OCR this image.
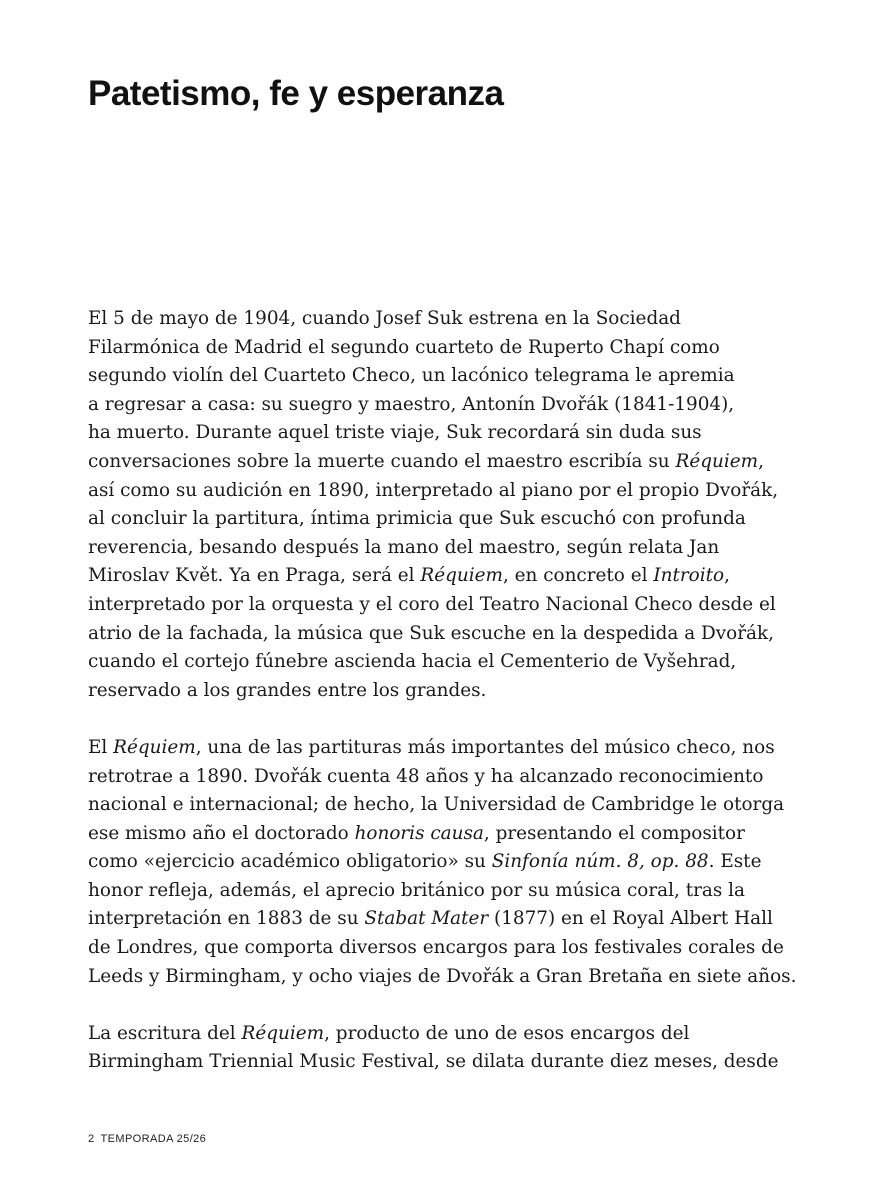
Patetismo, fe y esperanza

El 5 de mayo de 1904, cuando Josef Suk estrena en la Sociedad
Filarmónica de Madrid el segundo cuarteto de Ruperto Chapí como
segundo violín del Cuarteto Checo, un lacónico telegrama le apremia
a regresar a casa: su suegro y maestro, Antonín Dvořák (1841-1904),
ha muerto. Durante aquel triste viaje, Suk recordará sin duda sus
conversaciones sobre la muerte cuando el maestro escribía su Réquiem,
así como su audición en 1890, interpretado al piano por el propio Dvořák,
al concluir la partitura, íntima primicia que Suk escuchó con profunda
reverencia, besando después la mano del maestro, según relata Jan
Miroslav Květ. Ya en Praga, será el Réquiem, en concreto el Introito,
interpretado por la orquesta y el coro del Teatro Nacional Checo desde el
atrio de la fachada, la música que Suk escuche en la despedida a Dvořák,
cuando el cortejo fúnebre ascienda hacia el Cementerio de Vyšehrad,
reservado a los grandes entre los grandes.

El Réquiem, una de las partituras más importantes del músico checo, nos
retrotrae a 1890. Dvořák cuenta 48 años y ha alcanzado reconocimiento
nacional e internacional; de hecho, la Universidad de Cambridge le otorga
ese mismo año el doctorado honoris causa, presentando el compositor
como «ejercicio académico obligatorio» su Sinfonía núm. 8, op. 88. Este
honor refleja, además, el aprecio británico por su música coral, tras la
interpretación en 1883 de su Stabat Mater (1877) en el Royal Albert Hall
de Londres, que comporta diversos encargos para los festivales corales de
Leeds y Birmingham, y ocho viajes de Dvořák a Gran Bretaña en siete años.

La escritura del Réquiem, producto de uno de esos encargos del
Birmingham Triennial Music Festival, se dilata durante diez meses, desde

2 TEMPORADA 25/26
